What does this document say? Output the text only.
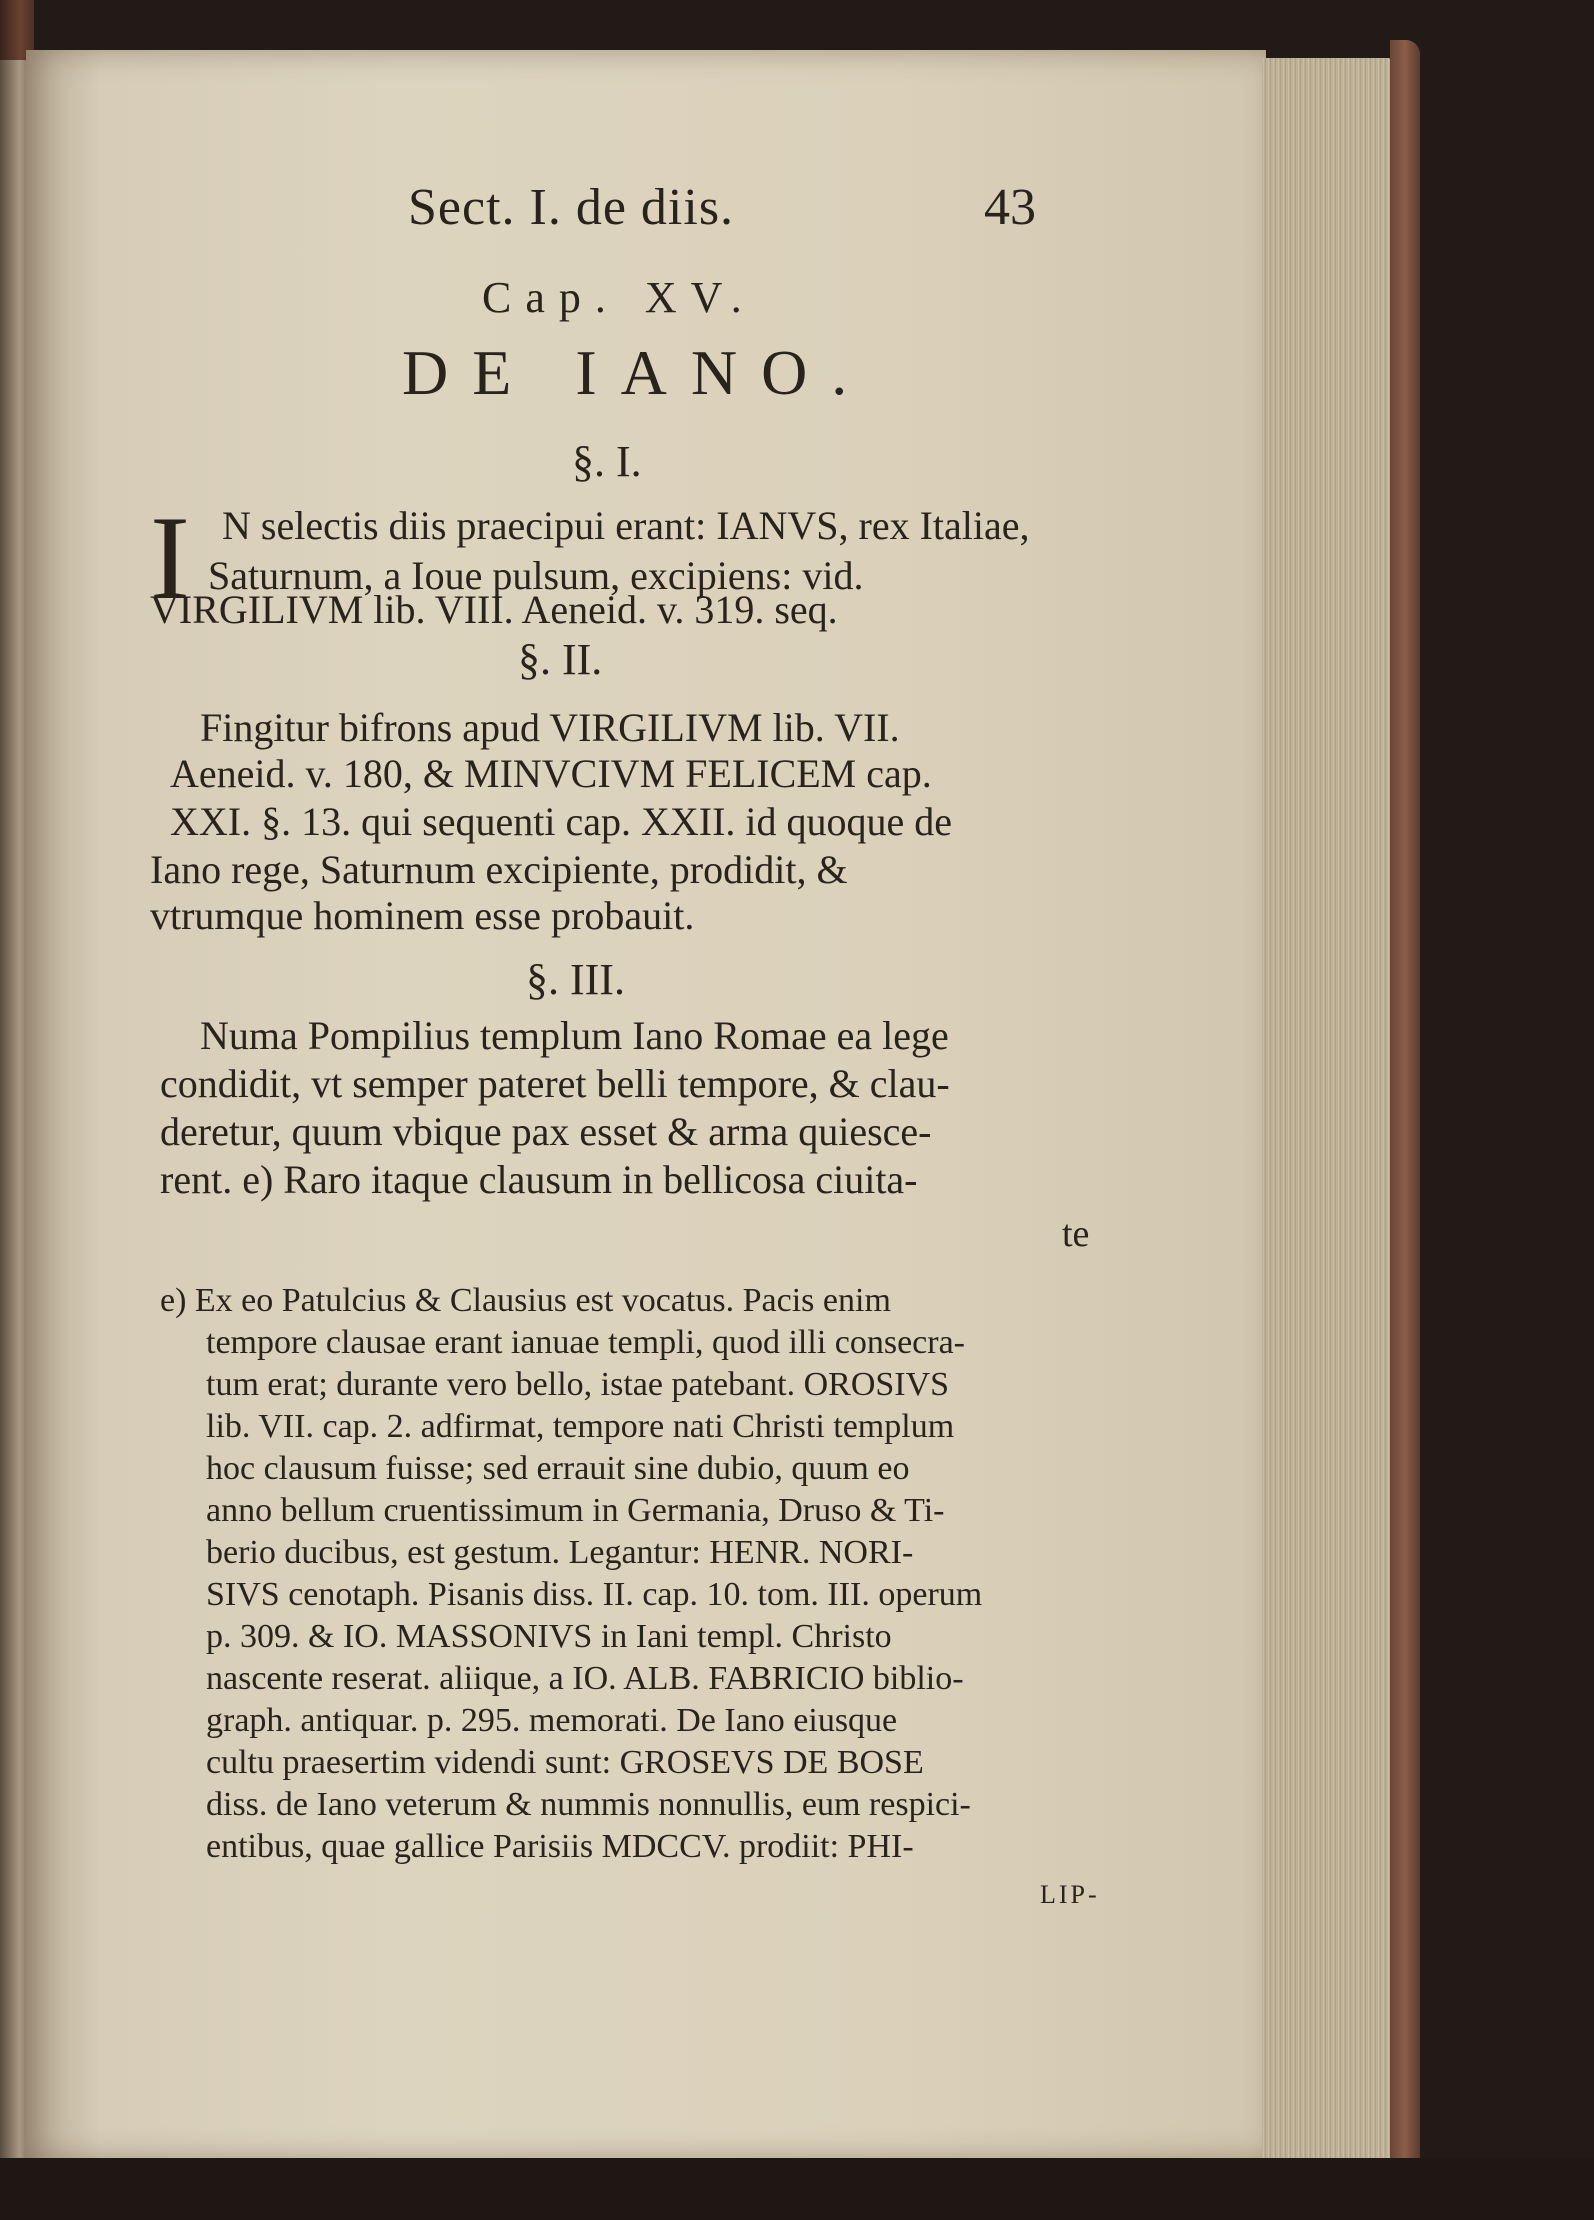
Sect. I. de diis.	43
Cap. XV.
DE IANO.
§. I.
I N selectis diis praecipui erant: IANVS, rex Italiae,
Saturnum, a Ioue pulsum, excipiens: vid.
VIRGILIVM lib. VIII. Aeneid. v. 319. seq.
§. II.
Fingitur bifrons apud VIRGILIVM lib. VII.
Aeneid. v. 180, & MINVCIVM FELICEM cap.
XXI. §. 13. qui sequenti cap. XXII. id quoque de
Iano rege, Saturnum excipiente, prodidit, &
vtrumque hominem esse probauit.
§. III.
Numa Pompilius templum Iano Romae ea lege
condidit, vt semper pateret belli tempore, & clau-
deretur, quum vbique pax esset & arma quiesce-
rent. e) Raro itaque clausum in bellicosa ciuita-
te
e) Ex eo Patulcius & Clausius est vocatus. Pacis enim
tempore clausae erant ianuae templi, quod illi consecra-
tum erat; durante vero bello, istae patebant. OROSIVS
lib. VII. cap. 2. adfirmat, tempore nati Christi templum
hoc clausum fuisse; sed errauit sine dubio, quum eo
anno bellum cruentissimum in Germania, Druso & Ti-
berio ducibus, est gestum. Legantur: HENR. NORI-
SIVS cenotaph. Pisanis diss. II. cap. 10. tom. III. operum
p. 309. & IO. MASSONIVS in Iani templ. Christo
nascente reserat. aliique, a IO. ALB. FABRICIO biblio-
graph. antiquar. p. 295. memorati. De Iano eiusque
cultu praesertim videndi sunt: GROSEVS DE BOSE
diss. de Iano veterum & nummis nonnullis, eum respici-
entibus, quae gallice Parisiis MDCCV. prodiit: PHI-
LIP-
